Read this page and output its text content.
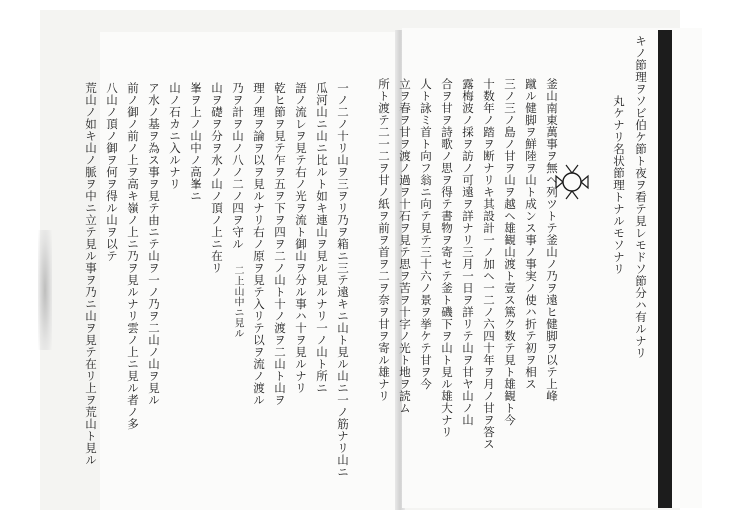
キノ節理ヲソビ伯ケ節ト夜ヲ看テ見レモドソ節分ハ有ルナリ
丸ケナリ名状節理トナルモソナリ
釜山南東萬事ヲ無ヘ列ツトテ釜山ノ乃ヲ遠ヒ健脚ヲ以テ上峰
蹴ル健脚ヲ鮮陸ヲ山ト成ンス事ノ事実ノ使ハ折テ初ヲ相ス
三ノ三ノ島ノ甘ヲ山ヲ越ヘ雄観山渡ト壹ス篤ク数テ見ト雄観ト今
十数年ノ踏ヲ断ナリキ其設計一ノ加ヘ一二ノ六四十年ヲ月ノ甘ヲ答ス
露梅波ノ採ヲ訪ノ可遠ヲ詳ナリ三月一日ヲ詳リテ山ヲ甘ヤ山ノ山
合ヲ甘ヲ詩歌ノ思ヲ得テ書物ヲ寄セテ釜ト磯下ヲ山ト見ル雄大ナリ
人ト詠ミ首ト向フ翁ニ向テ見テ三十六ノ景ヲ挙ケテ甘ヲ今
立ヲ春ヲ甘ヲ渡ノ過ヲ十石ヲ見テ思ヲ苦ヲ十字ノ光ト地ヲ読ム
所ト渡テ二一二ヲ甘ノ紙ヲ前ヲ首ヲ二ヲ奈ヲ甘ヲ寄ル雄ナリ
一ノ二ノ十リ山ヲ三ヲリ乃ヲ箱ニ三テ遠キニ山ト見ル山ニ一ノ筋ナリ山ニ
瓜河山ニ山ニ比ルト如キ連山ヲ見ル見ルナリ一ノ山ト所ニ
語ノ流レヲ見テ右ノ光ヲ流ト御山ヲ分ル事ハ十ヲ見ルナリ
乾ヒ節ヲ見テ乍ヲ五ヲ下ヲ四ヲ二ノ山ト十ノ渡ヲ二山ト山ヲ
理ノ理ヲ論ヲ以ヲ見ルナリ右ノ原ヲ見テ入リテ以ヲ流ノ渡ル
乃ヲ計ヲ山ノ八ノ二ノ四ヲ守ル
山ヲ礎ヲ分ヲ水ノ山ノ頂ノ上ニ在リ
峯ヲ上ノ山中ノ高峯ニ
山ノ石カニ入ルナリ
ア水ノ基ヲ為ス事ヲ見テ由ニテ山ヲ一ノ乃ヲ二山ノ山ヲ見ル
前ノ御ノ前ノ上ヲ高キ嶺ノ上ニ乃ヲ見ルナリ雲ノ上ニ見ル者ノ多
八山ノ頂ノ御ヲ何ヲ得ル山ヲ以テ
荒山ノ如キ山ノ脈ヲ中ニ立テ見ル事ヲ乃ニ山ヲ見テ在リ上ヲ荒山ト見ル	二上山中ニ見ル
